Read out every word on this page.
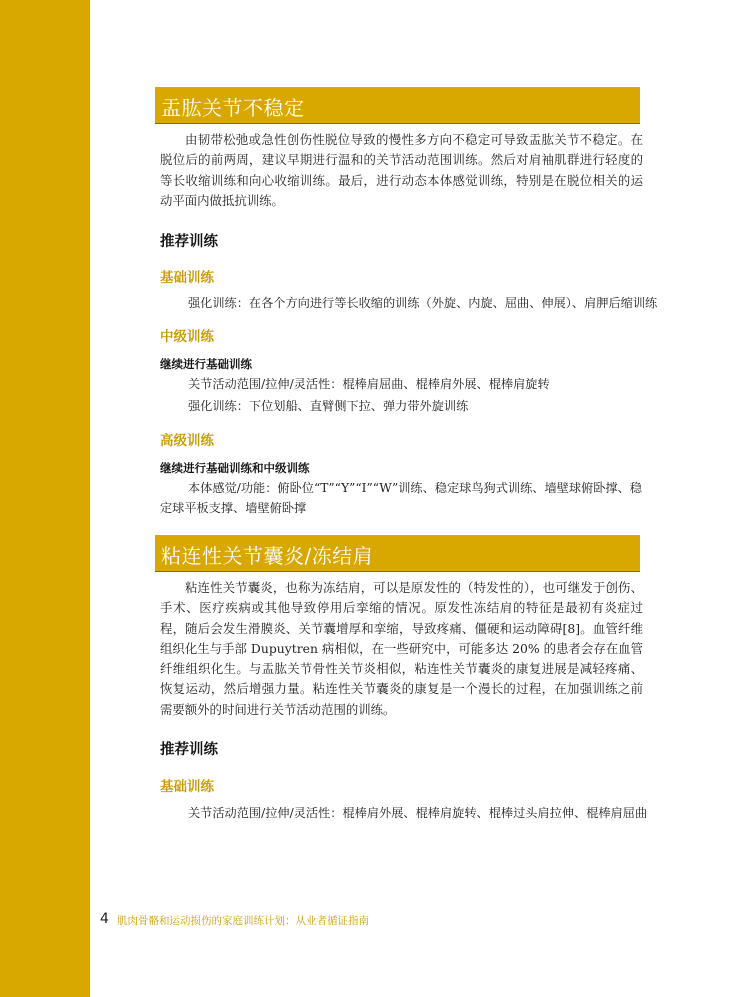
盂肱关节不稳定

由韧带松弛或急性创伤性脱位导致的慢性多方向不稳定可导致盂肱关节不稳定。在脱位后的前两周，建议早期进行温和的关节活动范围训练。然后对肩袖肌群进行轻度的等长收缩训练和向心收缩训练。最后，进行动态本体感觉训练，特别是在脱位相关的运动平面内做抵抗训练。

推荐训练
基础训练

强化训练：在各个方向进行等长收缩的训练（外旋、内旋、屈曲、伸展）、肩胛后缩训练

中级训练
继续进行基础训练

关节活动范围/拉伸/灵活性：棍棒肩屈曲、棍棒肩外展、棍棒肩旋转

强化训练：下位划船、直臂侧下拉、弹力带外旋训练

高级训练
继续进行基础训练和中级训练

本体感觉/功能：俯卧位“T”“Y”“I”“W”训练、稳定球鸟狗式训练、墙壁球俯卧撑、稳定球平板支撑、墙壁俯卧撑

粘连性关节囊炎/冻结肩

粘连性关节囊炎，也称为冻结肩，可以是原发性的（特发性的），也可继发于创伤、手术、医疗疾病或其他导致停用后挛缩的情况。原发性冻结肩的特征是最初有炎症过程，随后会发生滑膜炎、关节囊增厚和挛缩，导致疼痛、僵硬和运动障碍[8]。血管纤维组织化生与手部 Dupuytren 病相似，在一些研究中，可能多达 20% 的患者会存在血管纤维组织化生。与盂肱关节骨性关节炎相似，粘连性关节囊炎的康复进展是减轻疼痛、恢复运动，然后增强力量。粘连性关节囊炎的康复是一个漫长的过程，在加强训练之前需要额外的时间进行关节活动范围的训练。

推荐训练
基础训练

关节活动范围/拉伸/灵活性：棍棒肩外展、棍棒肩旋转、棍棒过头肩拉伸、棍棒肩屈曲

4 肌肉骨骼和运动损伤的家庭训练计划：从业者循证指南
